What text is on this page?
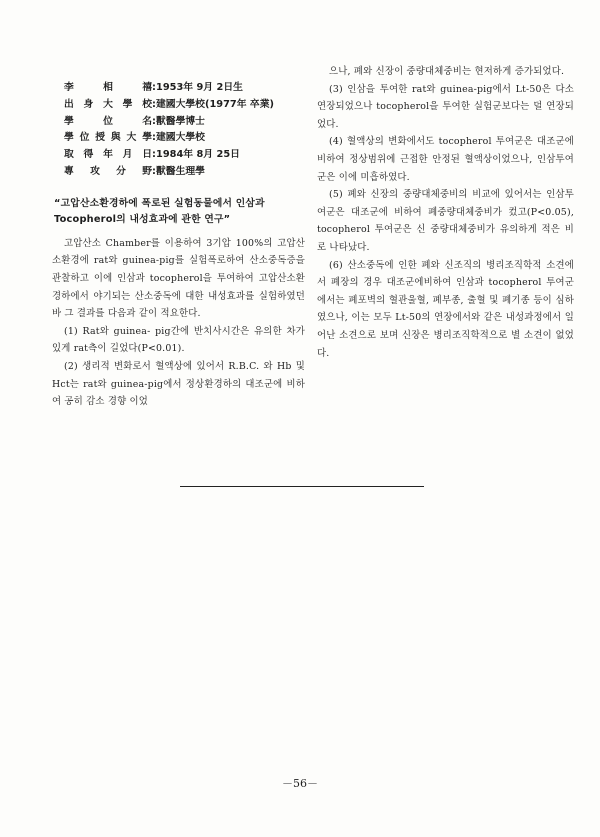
李 相 禧:1953年 9月 2日生
出身大學校:建國大學校(1977年 卒業)
學 位 名:獸醫學博士
學位授與大學:建國大學校
取得年月日:1984年 8月 25日
專 攻 分 野:獸醫生理學

“고압산소환경하에 폭로된 실험동물에서 인삼과 Tocopherol의 내성효과에 관한 연구”

고압산소 Chamber를 이용하여 3기압 100%의 고압산소환경에 rat와 guinea-pig를 실험폭로하여 산소중독증을 관찰하고 이에 인삼과 tocopherol을 투여하여 고압산소환경하에서 야기되는 산소중독에 대한 내성효과를 실험하였던 바 그 결과를 다음과 같이 적요한다.

(1) Rat와 guinea- pig간에 반치사시간은 유의한 차가 있게 rat측이 길었다(P<0.01).

(2) 생리적 변화로서 혈액상에 있어서 R.B.C. 와 Hb 및 Hct는 rat와 guinea-pig에서 정상환경하의 대조군에 비하여 공히 감소 경향 이었

으나, 폐와 신장이 중량대체중비는 현저하게 증가되었다.

(3) 인삼을 투여한 rat와 guinea-pig에서 Lt-50은 다소 연장되었으나 tocopherol을 투여한 실험군보다는 덜 연장되었다.

(4) 혈액상의 변화에서도 tocopherol 투여군은 대조군에 비하여 정상범위에 근접한 안정된 혈액상이었으나, 인삼투여군은 이에 미흡하였다.

(5) 폐와 신장의 중량대체중비의 비교에 있어서는 인삼투여군은 대조군에 비하여 폐중량대체중비가 컸고(P<0.05), tocopherol 투여군은 신 중량대체중비가 유의하게 적은 비로 나타났다.

(6) 산소중독에 인한 폐와 신조직의 병리조직학적 소견에서 폐장의 경우 대조군에비하여 인삼과 tocopherol 투여군에서는 폐포벽의 혈관울혈, 폐부종, 출혈 및 폐기종 등이 심하였으나, 이는 모두 Lt-50의 연장에서와 같은 내성과정에서 일어난 소견으로 보며 신장은 병리조직학적으로 별 소견이 없었다.

－56－
